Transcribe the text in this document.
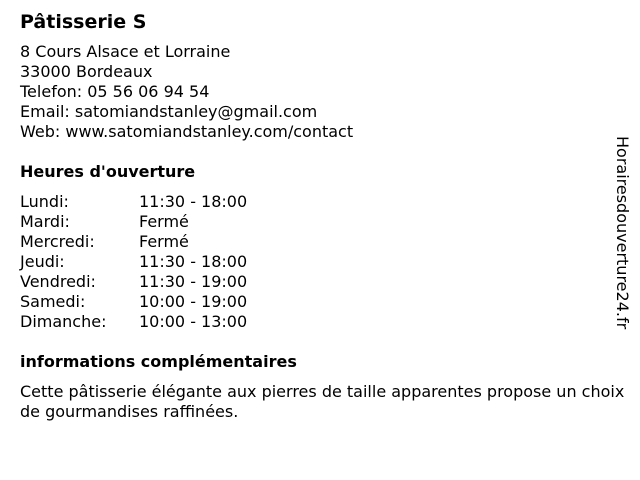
Pâtisserie S
8 Cours Alsace et Lorraine
33000 Bordeaux
Telefon: 05 56 06 94 54
Email: satomiandstanley@gmail.com
Web: www.satomiandstanley.com/contact
Heures d'ouverture
Lundi:	11:30 - 18:00
Mardi:	Fermé
Mercredi:	Fermé
Jeudi:	11:30 - 18:00
Vendredi:	11:30 - 19:00
Samedi:	10:00 - 19:00
Dimanche:	10:00 - 13:00
informations complémentaires
Cette pâtisserie élégante aux pierres de taille apparentes propose un choix de gourmandises raffinées.
Horairesdouverture24.fr
